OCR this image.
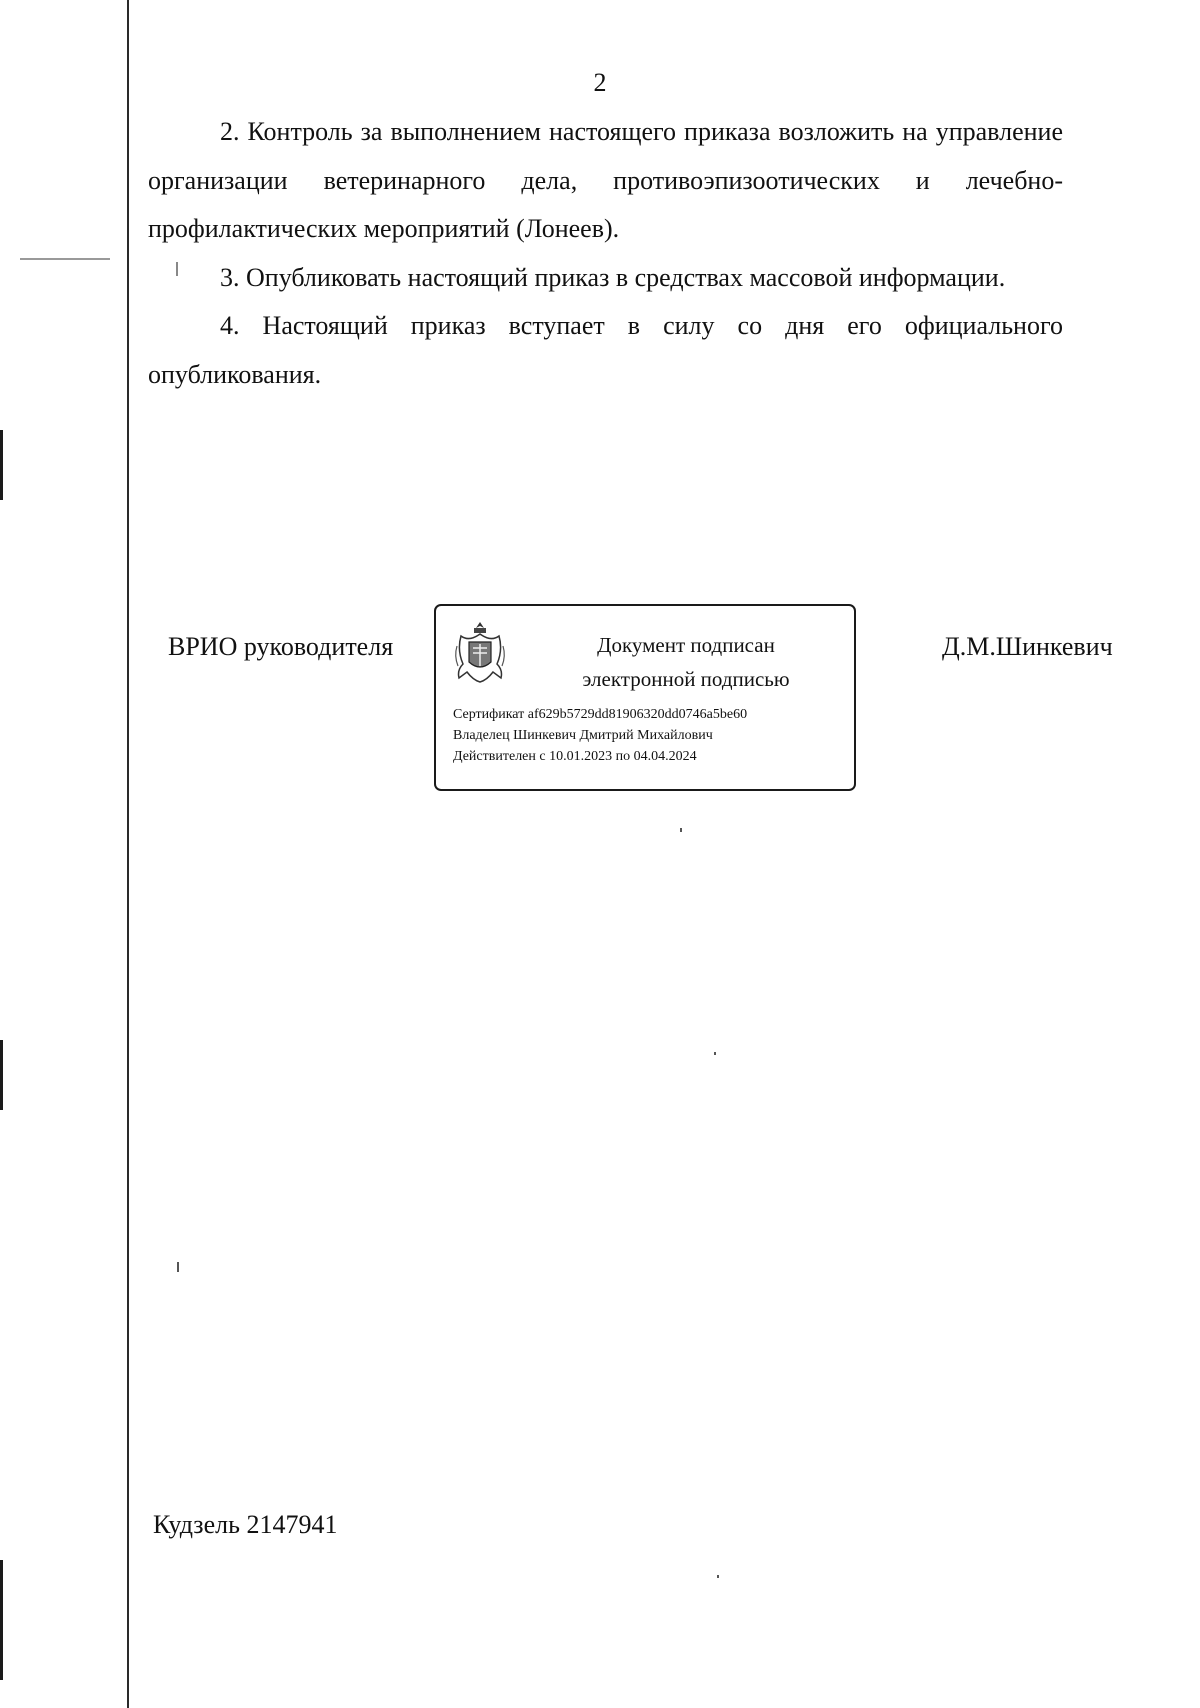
2

2. Контроль за выполнением настоящего приказа возложить на управление организации ветеринарного дела, противоэпизоотических и лечебно-профилактических мероприятий (Лонеев).

3. Опубликовать настоящий приказ в средствах массовой информации.

4. Настоящий приказ вступает в силу со дня его официального опубликования.

ВРИО руководителя	Документ подписан
электронной подписью
Сертификат af629b5729dd81906320dd0746a5be60
Владелец Шинкевич Дмитрий Михайлович
Действителен с 10.01.2023 по 04.04.2024
Д.М.Шинкевич
Кудзель 2147941
